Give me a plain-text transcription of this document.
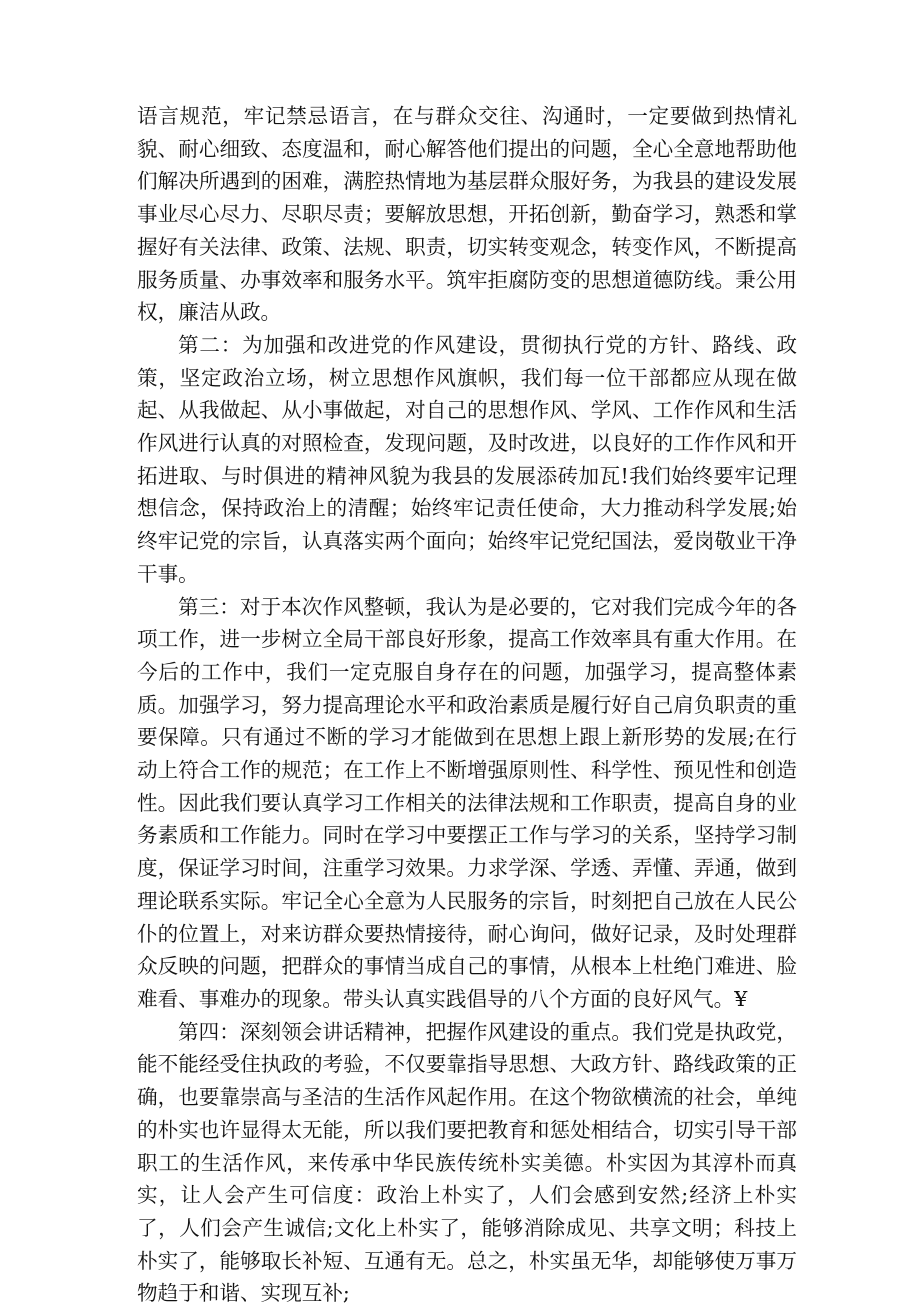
语言规范，牢记禁忌语言，在与群众交往、沟通时，一定要做到热情礼貌、耐心细致、态度温和，耐心解答他们提出的问题，全心全意地帮助他们解决所遇到的困难，满腔热情地为基层群众服好务，为我县的建设发展事业尽心尽力、尽职尽责；要解放思想，开拓创新，勤奋学习，熟悉和掌握好有关法律、政策、法规、职责，切实转变观念，转变作风，不断提高服务质量、办事效率和服务水平。筑牢拒腐防变的思想道德防线。秉公用权，廉洁从政。

第二：为加强和改进党的作风建设，贯彻执行党的方针、路线、政策，坚定政治立场，树立思想作风旗帜，我们每一位干部都应从现在做起、从我做起、从小事做起，对自己的思想作风、学风、工作作风和生活作风进行认真的对照检查，发现问题，及时改进，以良好的工作作风和开拓进取、与时俱进的精神风貌为我县的发展添砖加瓦!我们始终要牢记理想信念，保持政治上的清醒；始终牢记责任使命，大力推动科学发展;始终牢记党的宗旨，认真落实两个面向；始终牢记党纪国法，爱岗敬业干净干事。

第三：对于本次作风整顿，我认为是必要的，它对我们完成今年的各项工作，进一步树立全局干部良好形象，提高工作效率具有重大作用。在今后的工作中，我们一定克服自身存在的问题，加强学习，提高整体素质。加强学习，努力提高理论水平和政治素质是履行好自己肩负职责的重要保障。只有通过不断的学习才能做到在思想上跟上新形势的发展;在行动上符合工作的规范；在工作上不断增强原则性、科学性、预见性和创造性。因此我们要认真学习工作相关的法律法规和工作职责，提高自身的业务素质和工作能力。同时在学习中要摆正工作与学习的关系，坚持学习制度，保证学习时间，注重学习效果。力求学深、学透、弄懂、弄通，做到理论联系实际。牢记全心全意为人民服务的宗旨，时刻把自己放在人民公仆的位置上，对来访群众要热情接待，耐心询问，做好记录，及时处理群众反映的问题，把群众的事情当成自己的事情，从根本上杜绝门难进、脸难看、事难办的现象。带头认真实践倡导的八个方面的良好风气。¥

第四：深刻领会讲话精神，把握作风建设的重点。我们党是执政党，能不能经受住执政的考验，不仅要靠指导思想、大政方针、路线政策的正确，也要靠崇高与圣洁的生活作风起作用。在这个物欲横流的社会，单纯的朴实也许显得太无能，所以我们要把教育和惩处相结合，切实引导干部职工的生活作风，来传承中华民族传统朴实美德。朴实因为其淳朴而真实，让人会产生可信度：政治上朴实了，人们会感到安然;经济上朴实了，人们会产生诚信;文化上朴实了，能够消除成见、共享文明；科技上朴实了，能够取长补短、互通有无。总之，朴实虽无华，却能够使万事万物趋于和谐、实现互补;
